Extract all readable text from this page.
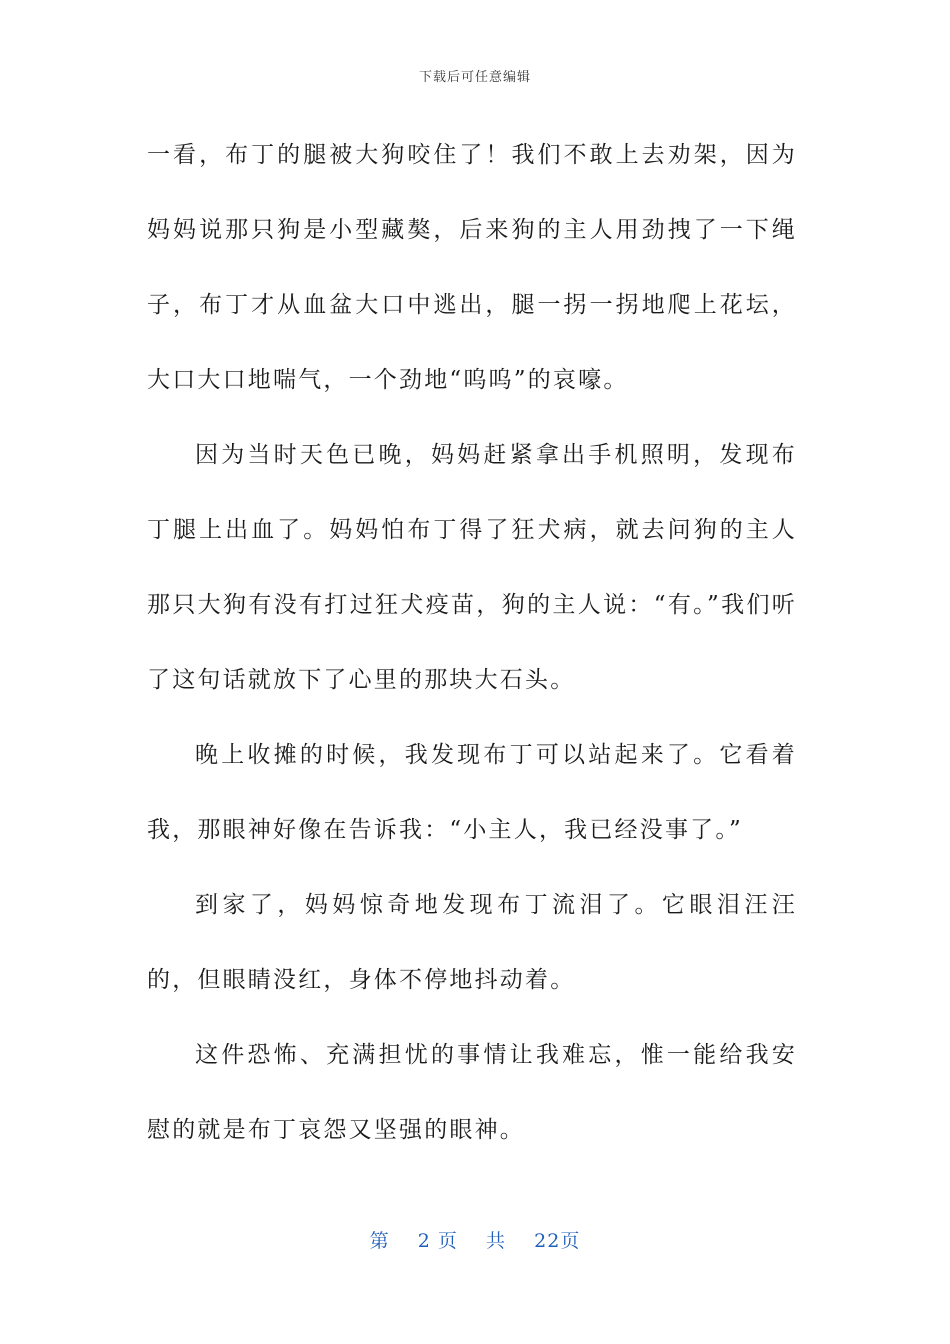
下载后可任意编辑

一看，布丁的腿被大狗咬住了！我们不敢上去劝架，因为妈妈说那只狗是小型藏獒，后来狗的主人用劲拽了一下绳子，布丁才从血盆大口中逃出，腿一拐一拐地爬上花坛，大口大口地喘气，一个劲地“呜呜”的哀嚎。

因为当时天色已晚，妈妈赶紧拿出手机照明，发现布丁腿上出血了。妈妈怕布丁得了狂犬病，就去问狗的主人那只大狗有没有打过狂犬疫苗，狗的主人说：“有。”我们听了这句话就放下了心里的那块大石头。

晚上收摊的时候，我发现布丁可以站起来了。它看着我，那眼神好像在告诉我：“小主人，我已经没事了。”

到家了，妈妈惊奇地发现布丁流泪了。它眼泪汪汪的，但眼睛没红，身体不停地抖动着。

这件恐怖、充满担忧的事情让我难忘，惟一能给我安慰的就是布丁哀怨又坚强的眼神。

第 2 页 共 22页
